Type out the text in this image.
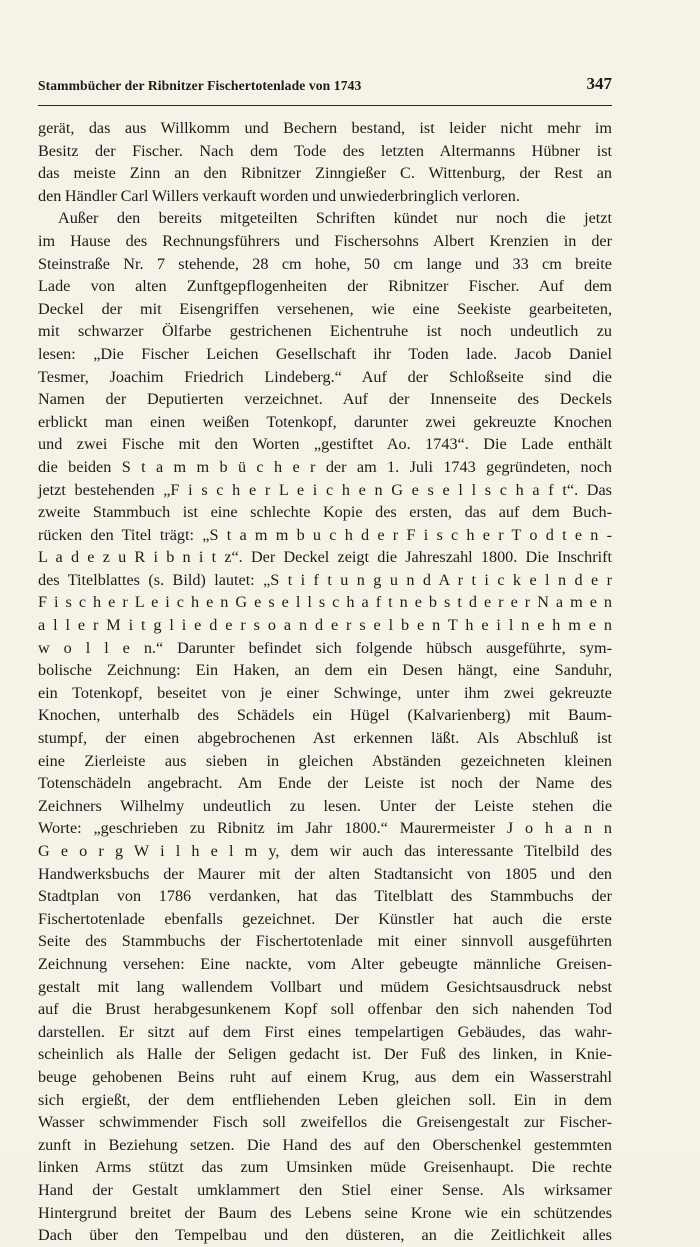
Stammbücher der Ribnitzer Fischertotenlade von 1743	347
gerät, das aus Willkomm und Bechern bestand, ist leider nicht mehr im
Besitz der Fischer. Nach dem Tode des letzten Altermanns Hübner ist
das meiste Zinn an den Ribnitzer Zinngießer C. Wittenburg, der Rest an
den Händler Carl Willers verkauft worden und unwiederbringlich verloren.
Außer den bereits mitgeteilten Schriften kündet nur noch die jetzt
im Hause des Rechnungsführers und Fischersohns Albert Krenzien in der
Steinstraße Nr. 7 stehende, 28 cm hohe, 50 cm lange und 33 cm breite
Lade von alten Zunftgepflogenheiten der Ribnitzer Fischer. Auf dem
Deckel der mit Eisengriffen versehenen, wie eine Seekiste gearbeiteten,
mit schwarzer Ölfarbe gestrichenen Eichentruhe ist noch undeutlich zu
lesen: „Die Fischer Leichen Gesellschaft ihr Toden lade. Jacob Daniel
Tesmer, Joachim Friedrich Lindeberg.“ Auf der Schloßseite sind die
Namen der Deputierten verzeichnet. Auf der Innenseite des Deckels
erblickt man einen weißen Totenkopf, darunter zwei gekreuzte Knochen
und zwei Fische mit den Worten „gestiftet Ao. 1743“. Die Lade enthält
die beiden S t a m m b ü c h e r der am 1. Juli 1743 gegründeten, noch
jetzt bestehenden „F i s c h e r L e i c h e n G e s e l l s c h a f t“. Das
zweite Stammbuch ist eine schlechte Kopie des ersten, das auf dem Buch-
rücken den Titel trägt: „S t a m m b u c h d e r F i s c h e r T o d t e n -
L a d e z u R i b n i t z“. Der Deckel zeigt die Jahreszahl 1800. Die Inschrift
des Titelblattes (s. Bild) lautet: „S t i f t u n g u n d A r t i c k e l n d e r
F i s c h e r L e i c h e n G e s e l l s c h a f t n e b s t d e r e r N a m e n
a l l e r M i t g l i e d e r s o a n d e r s e l b e n T h e i l n e h m e n
w o l l e n.“ Darunter befindet sich folgende hübsch ausgeführte, sym-
bolische Zeichnung: Ein Haken, an dem ein Desen hängt, eine Sanduhr,
ein Totenkopf, beseitet von je einer Schwinge, unter ihm zwei gekreuzte
Knochen, unterhalb des Schädels ein Hügel (Kalvarienberg) mit Baum-
stumpf, der einen abgebrochenen Ast erkennen läßt. Als Abschluß ist
eine Zierleiste aus sieben in gleichen Abständen gezeichneten kleinen
Totenschädeln angebracht. Am Ende der Leiste ist noch der Name des
Zeichners Wilhelmy undeutlich zu lesen. Unter der Leiste stehen die
Worte: „geschrieben zu Ribnitz im Jahr 1800.“ Maurermeister J o h a n n
G e o r g W i l h e l m y, dem wir auch das interessante Titelbild des
Handwerksbuchs der Maurer mit der alten Stadtansicht von 1805 und den
Stadtplan von 1786 verdanken, hat das Titelblatt des Stammbuchs der
Fischertotenlade ebenfalls gezeichnet. Der Künstler hat auch die erste
Seite des Stammbuchs der Fischertotenlade mit einer sinnvoll ausgeführten
Zeichnung versehen: Eine nackte, vom Alter gebeugte männliche Greisen-
gestalt mit lang wallendem Vollbart und müdem Gesichtsausdruck nebst
auf die Brust herabgesunkenem Kopf soll offenbar den sich nahenden Tod
darstellen. Er sitzt auf dem First eines tempelartigen Gebäudes, das wahr-
scheinlich als Halle der Seligen gedacht ist. Der Fuß des linken, in Knie-
beuge gehobenen Beins ruht auf einem Krug, aus dem ein Wasserstrahl
sich ergießt, der dem entfliehenden Leben gleichen soll. Ein in dem
Wasser schwimmender Fisch soll zweifellos die Greisengestalt zur Fischer-
zunft in Beziehung setzen. Die Hand des auf den Oberschenkel gestemmten
linken Arms stützt das zum Umsinken müde Greisenhaupt. Die rechte
Hand der Gestalt umklammert den Stiel einer Sense. Als wirksamer
Hintergrund breitet der Baum des Lebens seine Krone wie ein schützendes
Dach über den Tempelbau und den düsteren, an die Zeitlichkeit alles
